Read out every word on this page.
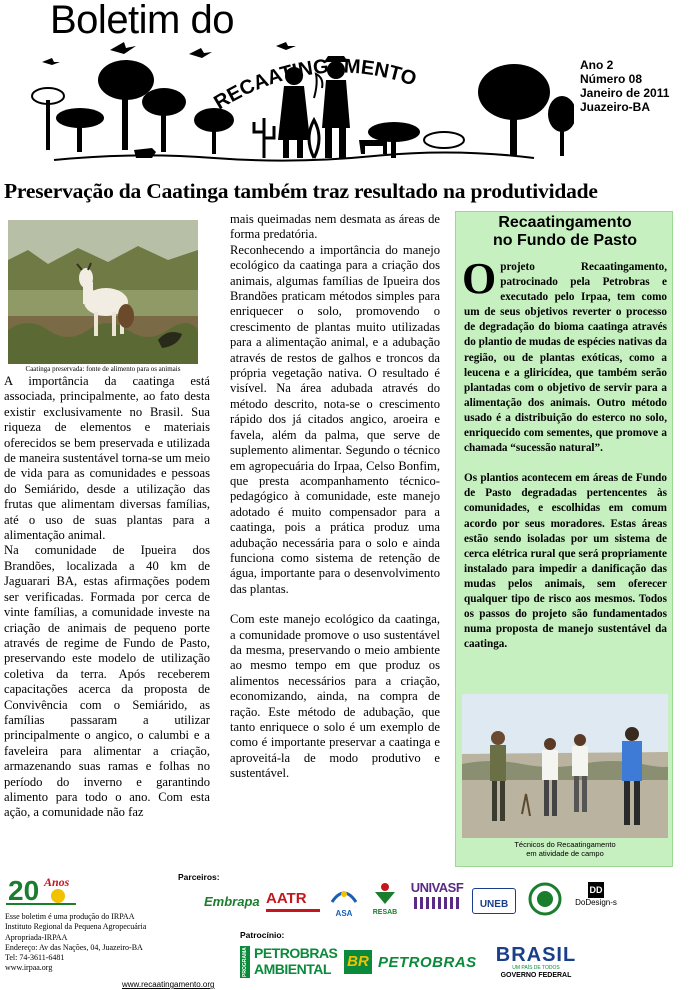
Boletim do
RECAATINGAMENTO	Ano 2
Número 08
Janeiro de 2011
Juazeiro-BA
Preservação da Caatinga também traz resultado na produtividade
Caatinga preservada: fonte de alimento para os animais

A importância da caatinga está associada, principalmente, ao fato desta existir exclusivamente no Brasil. Sua riqueza de elementos e materiais oferecidos se bem preservada e utilizada de maneira sustentável torna-se um meio de vida para as comunidades e pessoas do Semiárido, desde a utilização das frutas que alimentam diversas famílias, até o uso de suas plantas para a alimentação animal.

Na comunidade de Ipueira dos Brandões, localizada a 40 km de Jaguarari BA, estas afirmações podem ser verificadas. Formada por cerca de vinte famílias, a comunidade investe na criação de animais de pequeno porte através de regime de Fundo de Pasto, preservando este modelo de utilização coletiva da terra. Após receberem capacitações acerca da proposta de Convivência com o Semiárido, as famílias passaram a utilizar principalmente o angico, o calumbi e a faveleira para alimentar a criação, armazenando suas ramas e folhas no período do inverno e garantindo alimento para todo o ano. Com esta ação, a comunidade não faz

mais queimadas nem desmata as áreas de forma predatória.

Reconhecendo a importância do manejo ecológico da caatinga para a criação dos animais, algumas famílias de Ipueira dos Brandões praticam métodos simples para enriquecer o solo, promovendo o crescimento de plantas muito utilizadas para a alimentação animal, e a adubação através de restos de galhos e troncos da própria vegetação nativa. O resultado é visível. Na área adubada através do método descrito, nota-se o crescimento rápido dos já citados angico, aroeira e favela, além da palma, que serve de suplemento alimentar. Segundo o técnico em agropecuária do Irpaa, Celso Bonfim, que presta acompanhamento técnico-pedagógico à comunidade, este manejo adotado é muito compensador para a caatinga, pois a prática produz uma adubação necessária para o solo e ainda funciona como sistema de retenção de água, importante para o desenvolvimento das plantas.

Com este manejo ecológico da caatinga, a comunidade promove o uso sustentável da mesma, preservando o meio ambiente ao mesmo tempo em que produz os alimentos necessários para a criação, economizando, ainda, na compra de ração. Este método de adubação, que tanto enriquece o solo é um exemplo de como é importante preservar a caatinga e aproveitá-la de modo produtivo e sustentável.

Recaatingamento
no Fundo de Pasto

Oprojeto Recaatingamento, patrocinado pela Petrobras e executado pelo Irpaa, tem como um de seus objetivos reverter o processo de degradação do bioma caatinga através do plantio de mudas de espécies nativas da região, ou de plantas exóticas, como a leucena e a gliricídea, que também serão plantadas com o objetivo de servir para a alimentação dos animais. Outro método usado é a distribuição do esterco no solo, enriquecido com sementes, que promove a chamada “sucessão natural”.

Os plantios acontecem em áreas de Fundo de Pasto degradadas pertencentes às comunidades, e escolhidas em comum acordo por seus moradores. Estas áreas estão sendo isoladas por um sistema de cerca elétrica rural que será propriamente instalado para impedir a danificação das mudas pelos animais, sem oferecer qualquer tipo de risco aos mesmos. Todos os passos do projeto são fundamentados numa proposta de manejo sustentável da caatinga.

Técnicos do Recaatingamento
em atividade de campo
20 Anos
Esse boletim é uma produção do IRPAA
Instituto Regional da Pequena Agropecuária
Apropriada-IRPAA
Endereço: Av das Nações, 04, Juazeiro-BA
Tel: 74-3611-6481
www.irpaa.org
www.recaatingamento.org
Parceiros:
Embrapa AATR
ASA	RESAB
UNIVASF
UNEB
DD
DoDesign-s
Patrocínio:
PROGRAMA PETROBRAS
AMBIENTAL BR PETROBRAS BRASIL
UM PAÍS DE TODOS
GOVERNO FEDERAL
